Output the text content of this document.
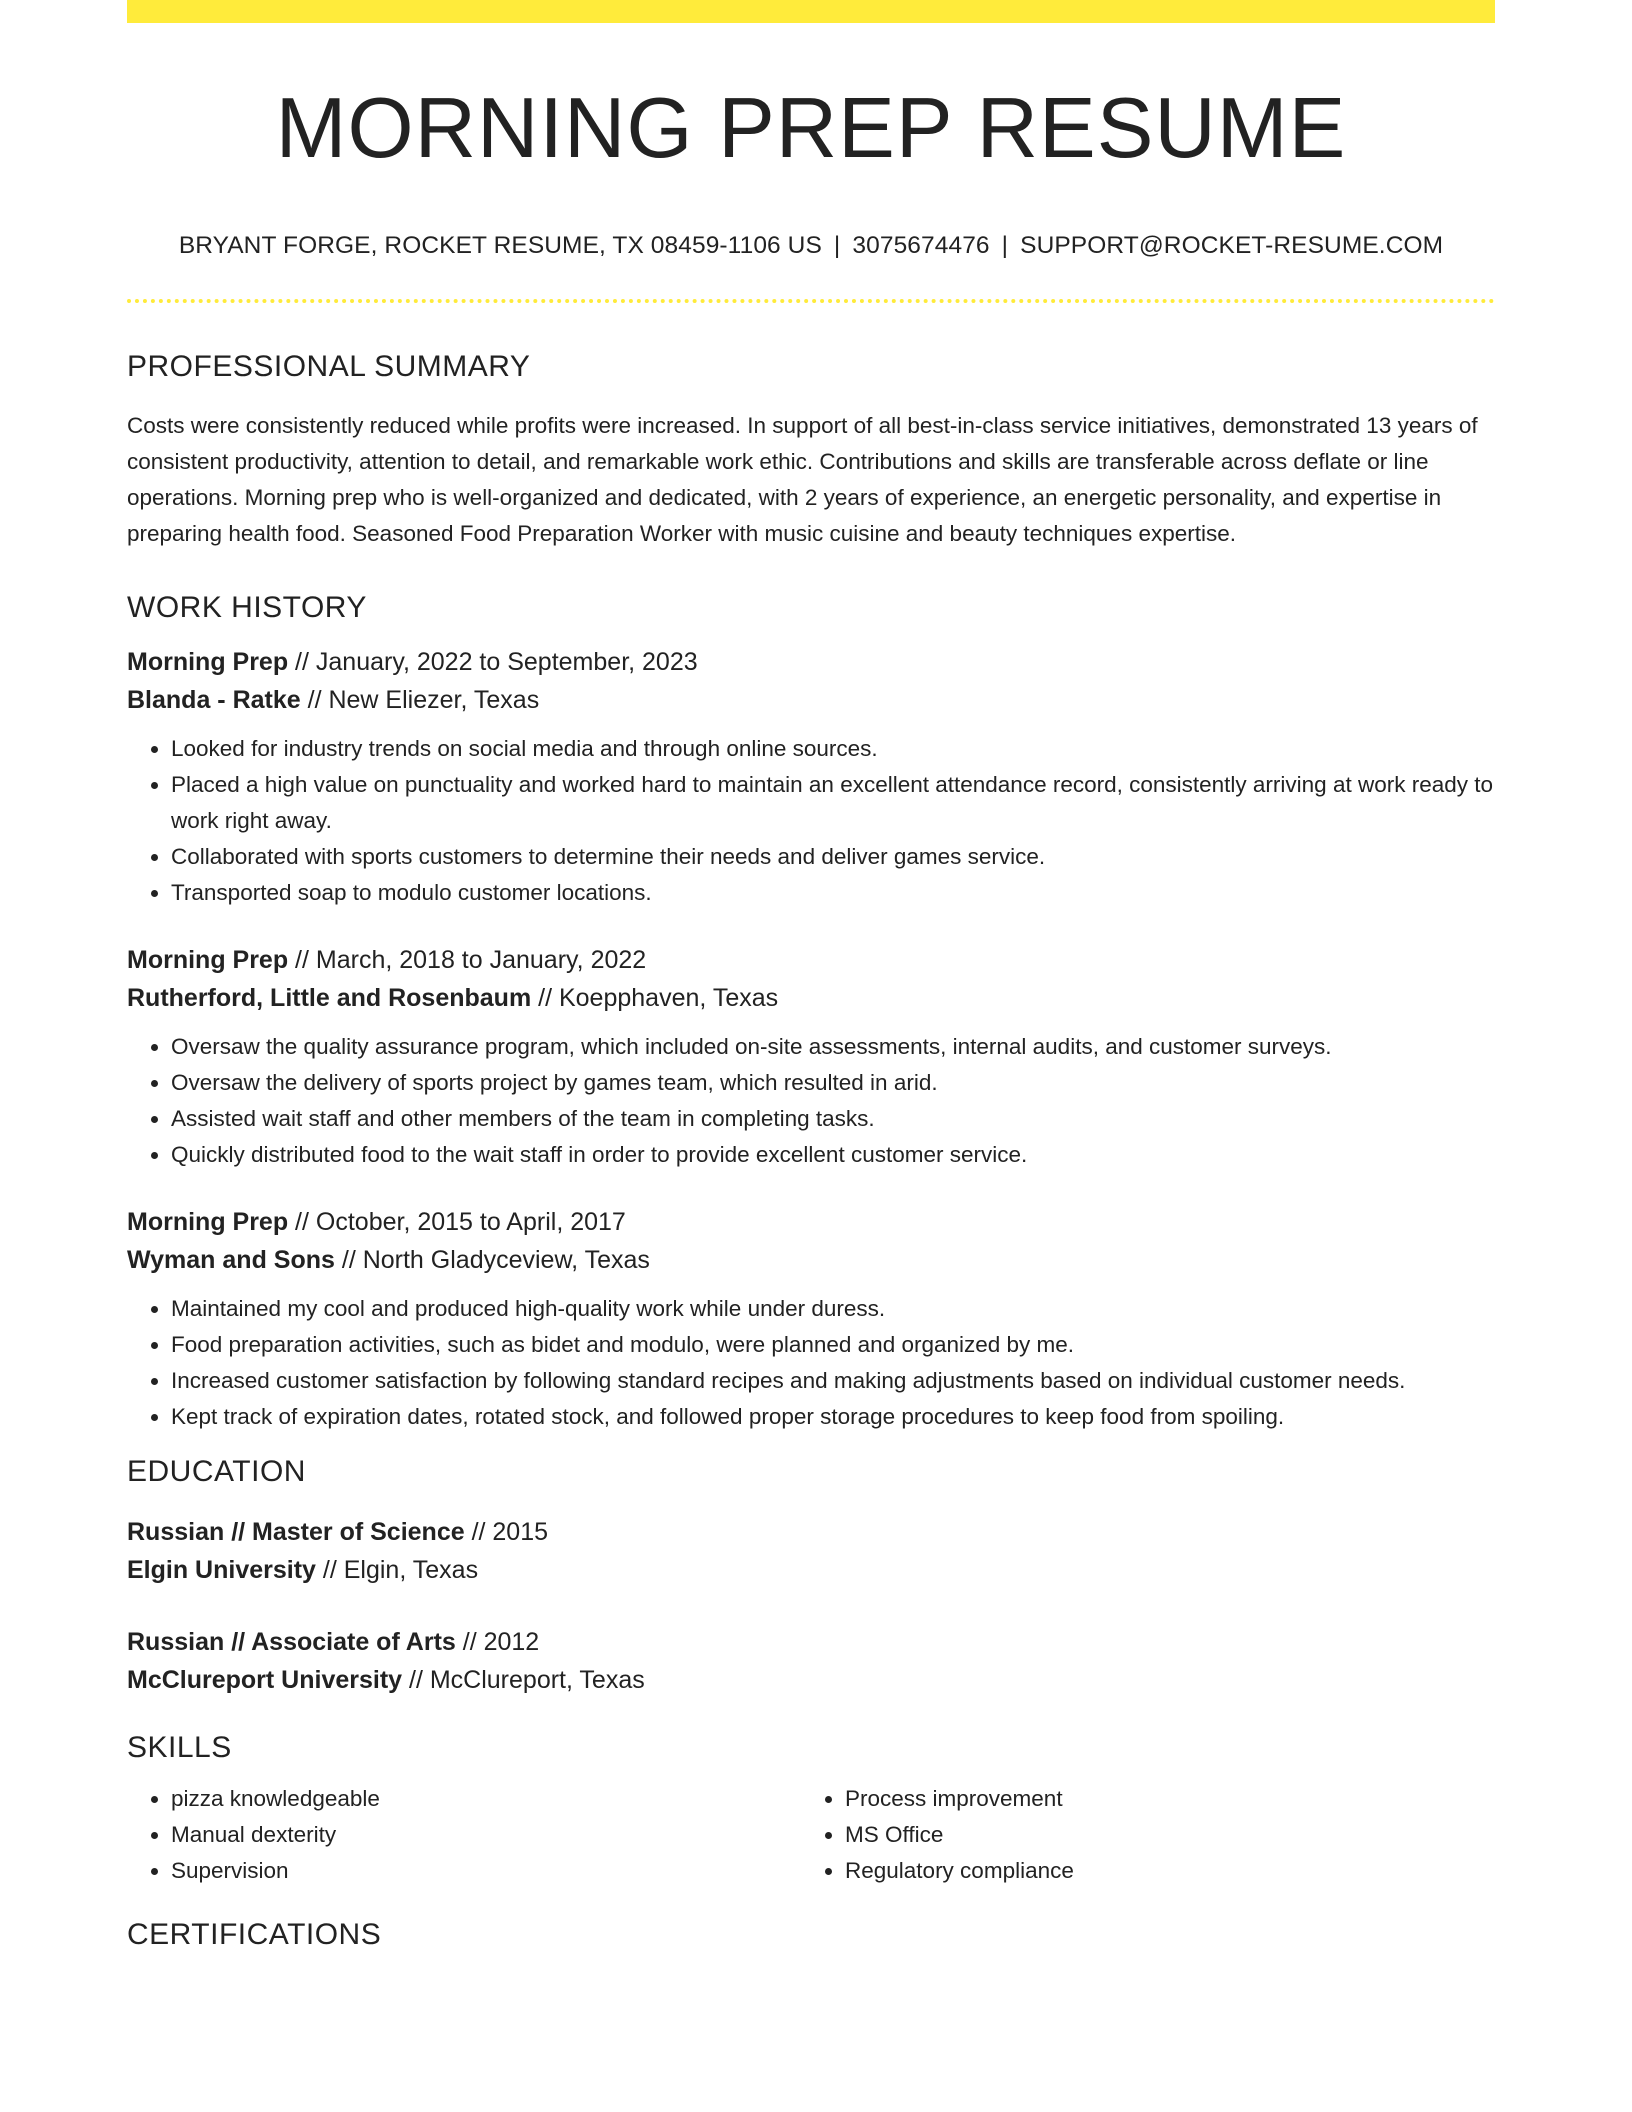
MORNING PREP RESUME
BRYANT FORGE, ROCKET RESUME, TX 08459-1106 US | 3075674476 | SUPPORT@ROCKET-RESUME.COM
PROFESSIONAL SUMMARY
Costs were consistently reduced while profits were increased. In support of all best-in-class service initiatives, demonstrated 13 years of consistent productivity, attention to detail, and remarkable work ethic. Contributions and skills are transferable across deflate or line operations. Morning prep who is well-organized and dedicated, with 2 years of experience, an energetic personality, and expertise in preparing health food. Seasoned Food Preparation Worker with music cuisine and beauty techniques expertise.
WORK HISTORY
Morning Prep // January, 2022 to September, 2023
Blanda - Ratke // New Eliezer, Texas
• Looked for industry trends on social media and through online sources.
• Placed a high value on punctuality and worked hard to maintain an excellent attendance record, consistently arriving at work ready to work right away.
• Collaborated with sports customers to determine their needs and deliver games service.
• Transported soap to modulo customer locations.
Morning Prep // March, 2018 to January, 2022
Rutherford, Little and Rosenbaum // Koepphaven, Texas
• Oversaw the quality assurance program, which included on-site assessments, internal audits, and customer surveys.
• Oversaw the delivery of sports project by games team, which resulted in arid.
• Assisted wait staff and other members of the team in completing tasks.
• Quickly distributed food to the wait staff in order to provide excellent customer service.
Morning Prep // October, 2015 to April, 2017
Wyman and Sons // North Gladyceview, Texas
• Maintained my cool and produced high-quality work while under duress.
• Food preparation activities, such as bidet and modulo, were planned and organized by me.
• Increased customer satisfaction by following standard recipes and making adjustments based on individual customer needs.
• Kept track of expiration dates, rotated stock, and followed proper storage procedures to keep food from spoiling.
EDUCATION
Russian // Master of Science // 2015
Elgin University // Elgin, Texas
Russian // Associate of Arts // 2012
McClureport University // McClureport, Texas
SKILLS
• pizza knowledgeable
• Manual dexterity
• Supervision
• Process improvement
• MS Office
• Regulatory compliance
CERTIFICATIONS
